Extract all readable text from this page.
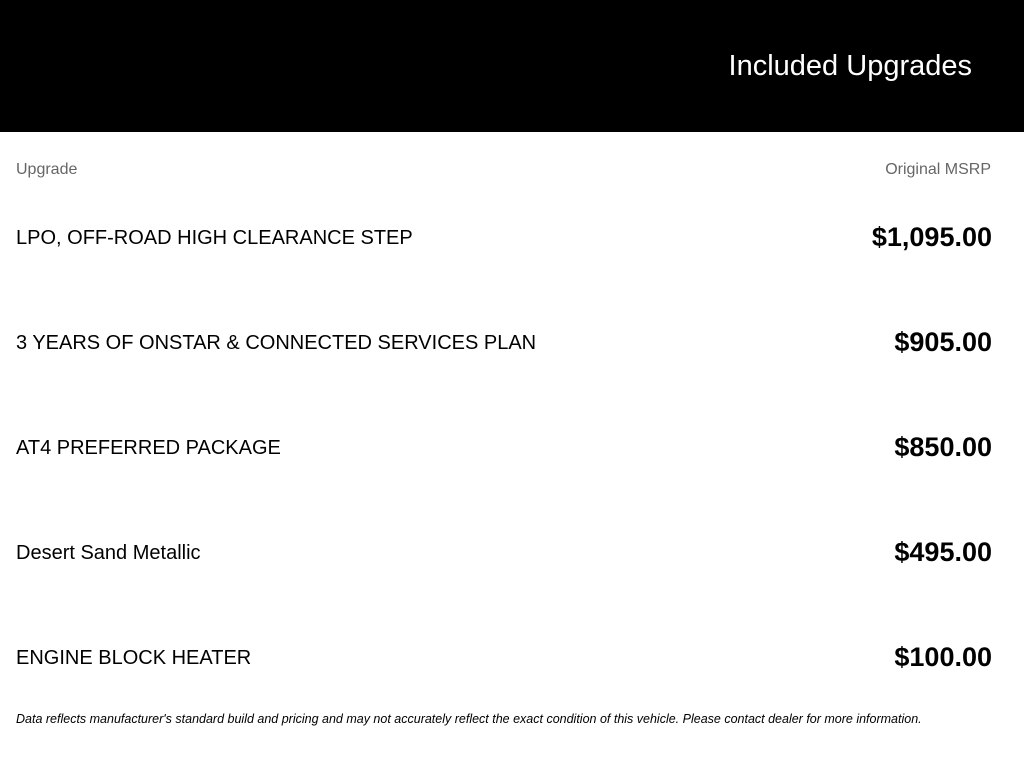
Included Upgrades
Upgrade	Original MSRP
LPO, OFF-ROAD HIGH CLEARANCE STEP	$1,095.00
3 YEARS OF ONSTAR & CONNECTED SERVICES PLAN	$905.00
AT4 PREFERRED PACKAGE	$850.00
Desert Sand Metallic	$495.00
ENGINE BLOCK HEATER	$100.00
Data reflects manufacturer's standard build and pricing and may not accurately reflect the exact condition of this vehicle. Please contact dealer for more information.
